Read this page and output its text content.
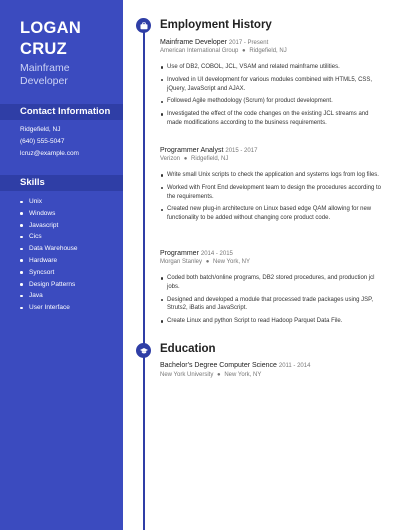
LOGAN
CRUZ
Mainframe Developer
Contact Information
Ridgefield, NJ
(640) 555-5047
lcruz@example.com
Skills
Unix
Windows
Javascript
Cics
Data Warehouse
Hardware
Syncsort
Design Patterns
Java
User Interface
Employment History
Mainframe Developer 2017 - Present
American International Group ● Ridgefield, NJ
Use of DB2, COBOL, JCL, VSAM and related mainframe utilities.
Involved in UI development for various modules combined with HTML5, CSS, jQuery, JavaScript and AJAX.
Followed Agile methodology (Scrum) for product development.
Investigated the effect of the code changes on the existing JCL streams and made modifications according to the business requirements.
Programmer Analyst 2015 - 2017
Verizon ● Ridgefield, NJ
Write small Unix scripts to check the application and systems logs from log files.
Worked with Front End development team to design the procedures according to the requirements.
Created new plug-in architecture on Linux based edge QAM allowing for new functionality to be added without changing core product code.
Programmer 2014 - 2015
Morgan Stanley ● New York, NY
Coded both batch/online programs, DB2 stored procedures, and production jcl jobs.
Designed and developed a module that processed trade packages using JSP, Struts2, iBatis and JavaScript.
Create Linux and python Script to read Hadoop Parquet Data File.
Education
Bachelor's Degree Computer Science 2011 - 2014
New York University ● New York, NY
